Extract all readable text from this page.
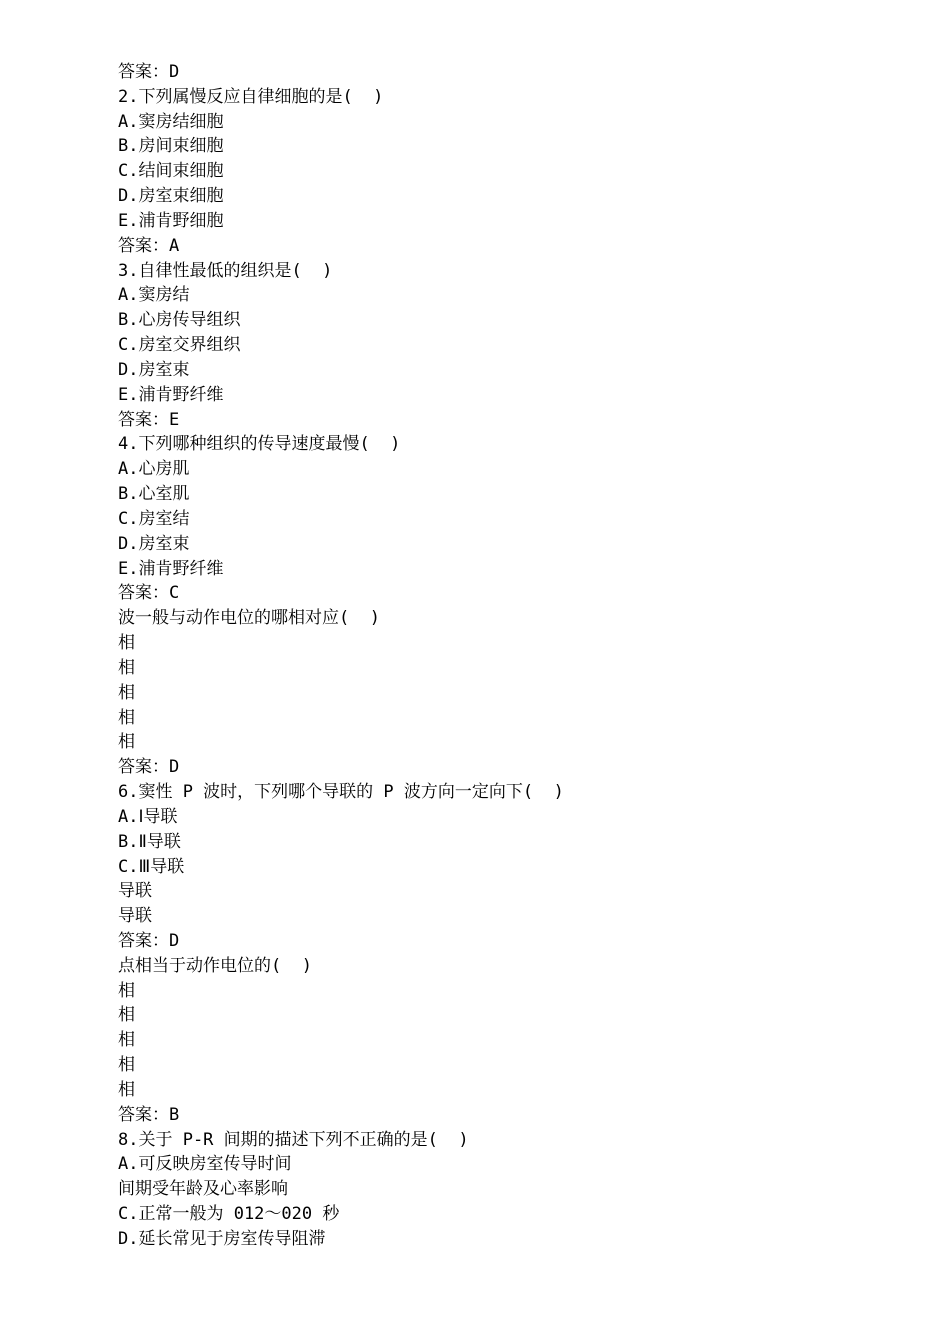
答案：D
2.下列属慢反应自律细胞的是(  )
A.窦房结细胞
B.房间束细胞
C.结间束细胞
D.房室束细胞
E.浦肯野细胞
答案：A
3.自律性最低的组织是(  )
A.窦房结
B.心房传导组织
C.房室交界组织
D.房室束
E.浦肯野纤维
答案：E
4.下列哪种组织的传导速度最慢(  )
A.心房肌
B.心室肌
C.房室结
D.房室束
E.浦肯野纤维
答案：C
波一般与动作电位的哪相对应(  )
相
相
相
相
相
答案：D
6.窦性 P 波时，下列哪个导联的 P 波方向一定向下(  )
A.Ⅰ导联
B.Ⅱ导联
C.Ⅲ导联
导联
导联
答案：D
点相当于动作电位的(  )
相
相
相
相
相
答案：B
8.关于 P-R 间期的描述下列不正确的是(  )
A.可反映房室传导时间
间期受年龄及心率影响
C.正常一般为 012～020 秒
D.延长常见于房室传导阻滞
